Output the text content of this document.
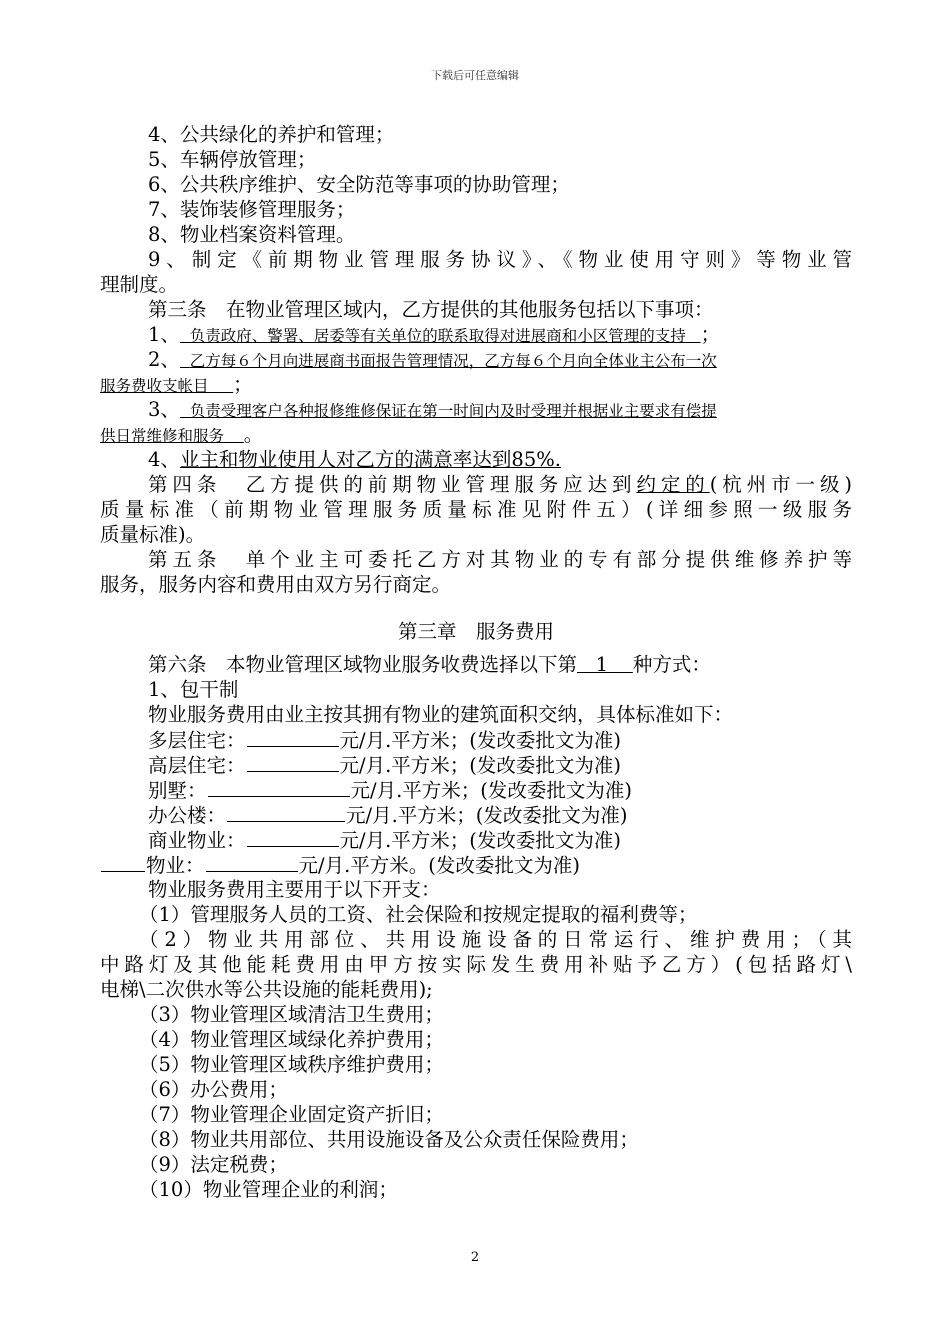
下载后可任意编辑
4、公共绿化的养护和管理；
5、车辆停放管理；
6、公共秩序维护、安全防范等事项的协助管理；
7、装饰装修管理服务；
8、物业档案资料管理。
9、制定《前期物业管理服务协议》、《物业使用守则》等物业管
理制度。
第三条　在物业管理区域内，乙方提供的其他服务包括以下事项：
1、 负责政府、警署、居委等有关单位的联系取得对进展商和小区管理的支持 ；
2、 乙方每６个月向进展商书面报告管理情况，乙方每６个月向全体业主公布一次
服务费收支帐目 ；
3、 负责受理客户各种报修维修保证在第一时间内及时受理并根据业主要求有偿提
供日常维修和服务 。
4、业主和物业使用人对乙方的满意率达到85%.
第四条　乙方提供的前期物业管理服务应达到约定的(杭州市一级)
质量标准（前期物业管理服务质量标准见附件五）(详细参照一级服务
质量标准)。
第五条　单个业主可委托乙方对其物业的专有部分提供维修养护等
服务，服务内容和费用由双方另行商定。
第三章　服务费用
第六条　本物业管理区域物业服务收费选择以下第 1 种方式：
1、包干制
物业服务费用由业主按其拥有物业的建筑面积交纳，具体标准如下：
多层住宅：	元/月.平方米；(发改委批文为准)
高层住宅：	元/月.平方米；(发改委批文为准)
别墅：	元/月.平方米；(发改委批文为准)
办公楼：	元/月.平方米；(发改委批文为准)
商业物业：	元/月.平方米；(发改委批文为准)
物业：	元/月.平方米。(发改委批文为准)
物业服务费用主要用于以下开支：
（1）管理服务人员的工资、社会保险和按规定提取的福利费等；
（2）物业共用部位、共用设施设备的日常运行、维护费用；（其
中路灯及其他能耗费用由甲方按实际发生费用补贴予乙方）(包括路灯\
电梯\二次供水等公共设施的能耗费用);
（3）物业管理区域清洁卫生费用；
（4）物业管理区域绿化养护费用；
（5）物业管理区域秩序维护费用；
（6）办公费用；
（7）物业管理企业固定资产折旧；
（8）物业共用部位、共用设施设备及公众责任保险费用；
（9）法定税费；
（10）物业管理企业的利润；
2
